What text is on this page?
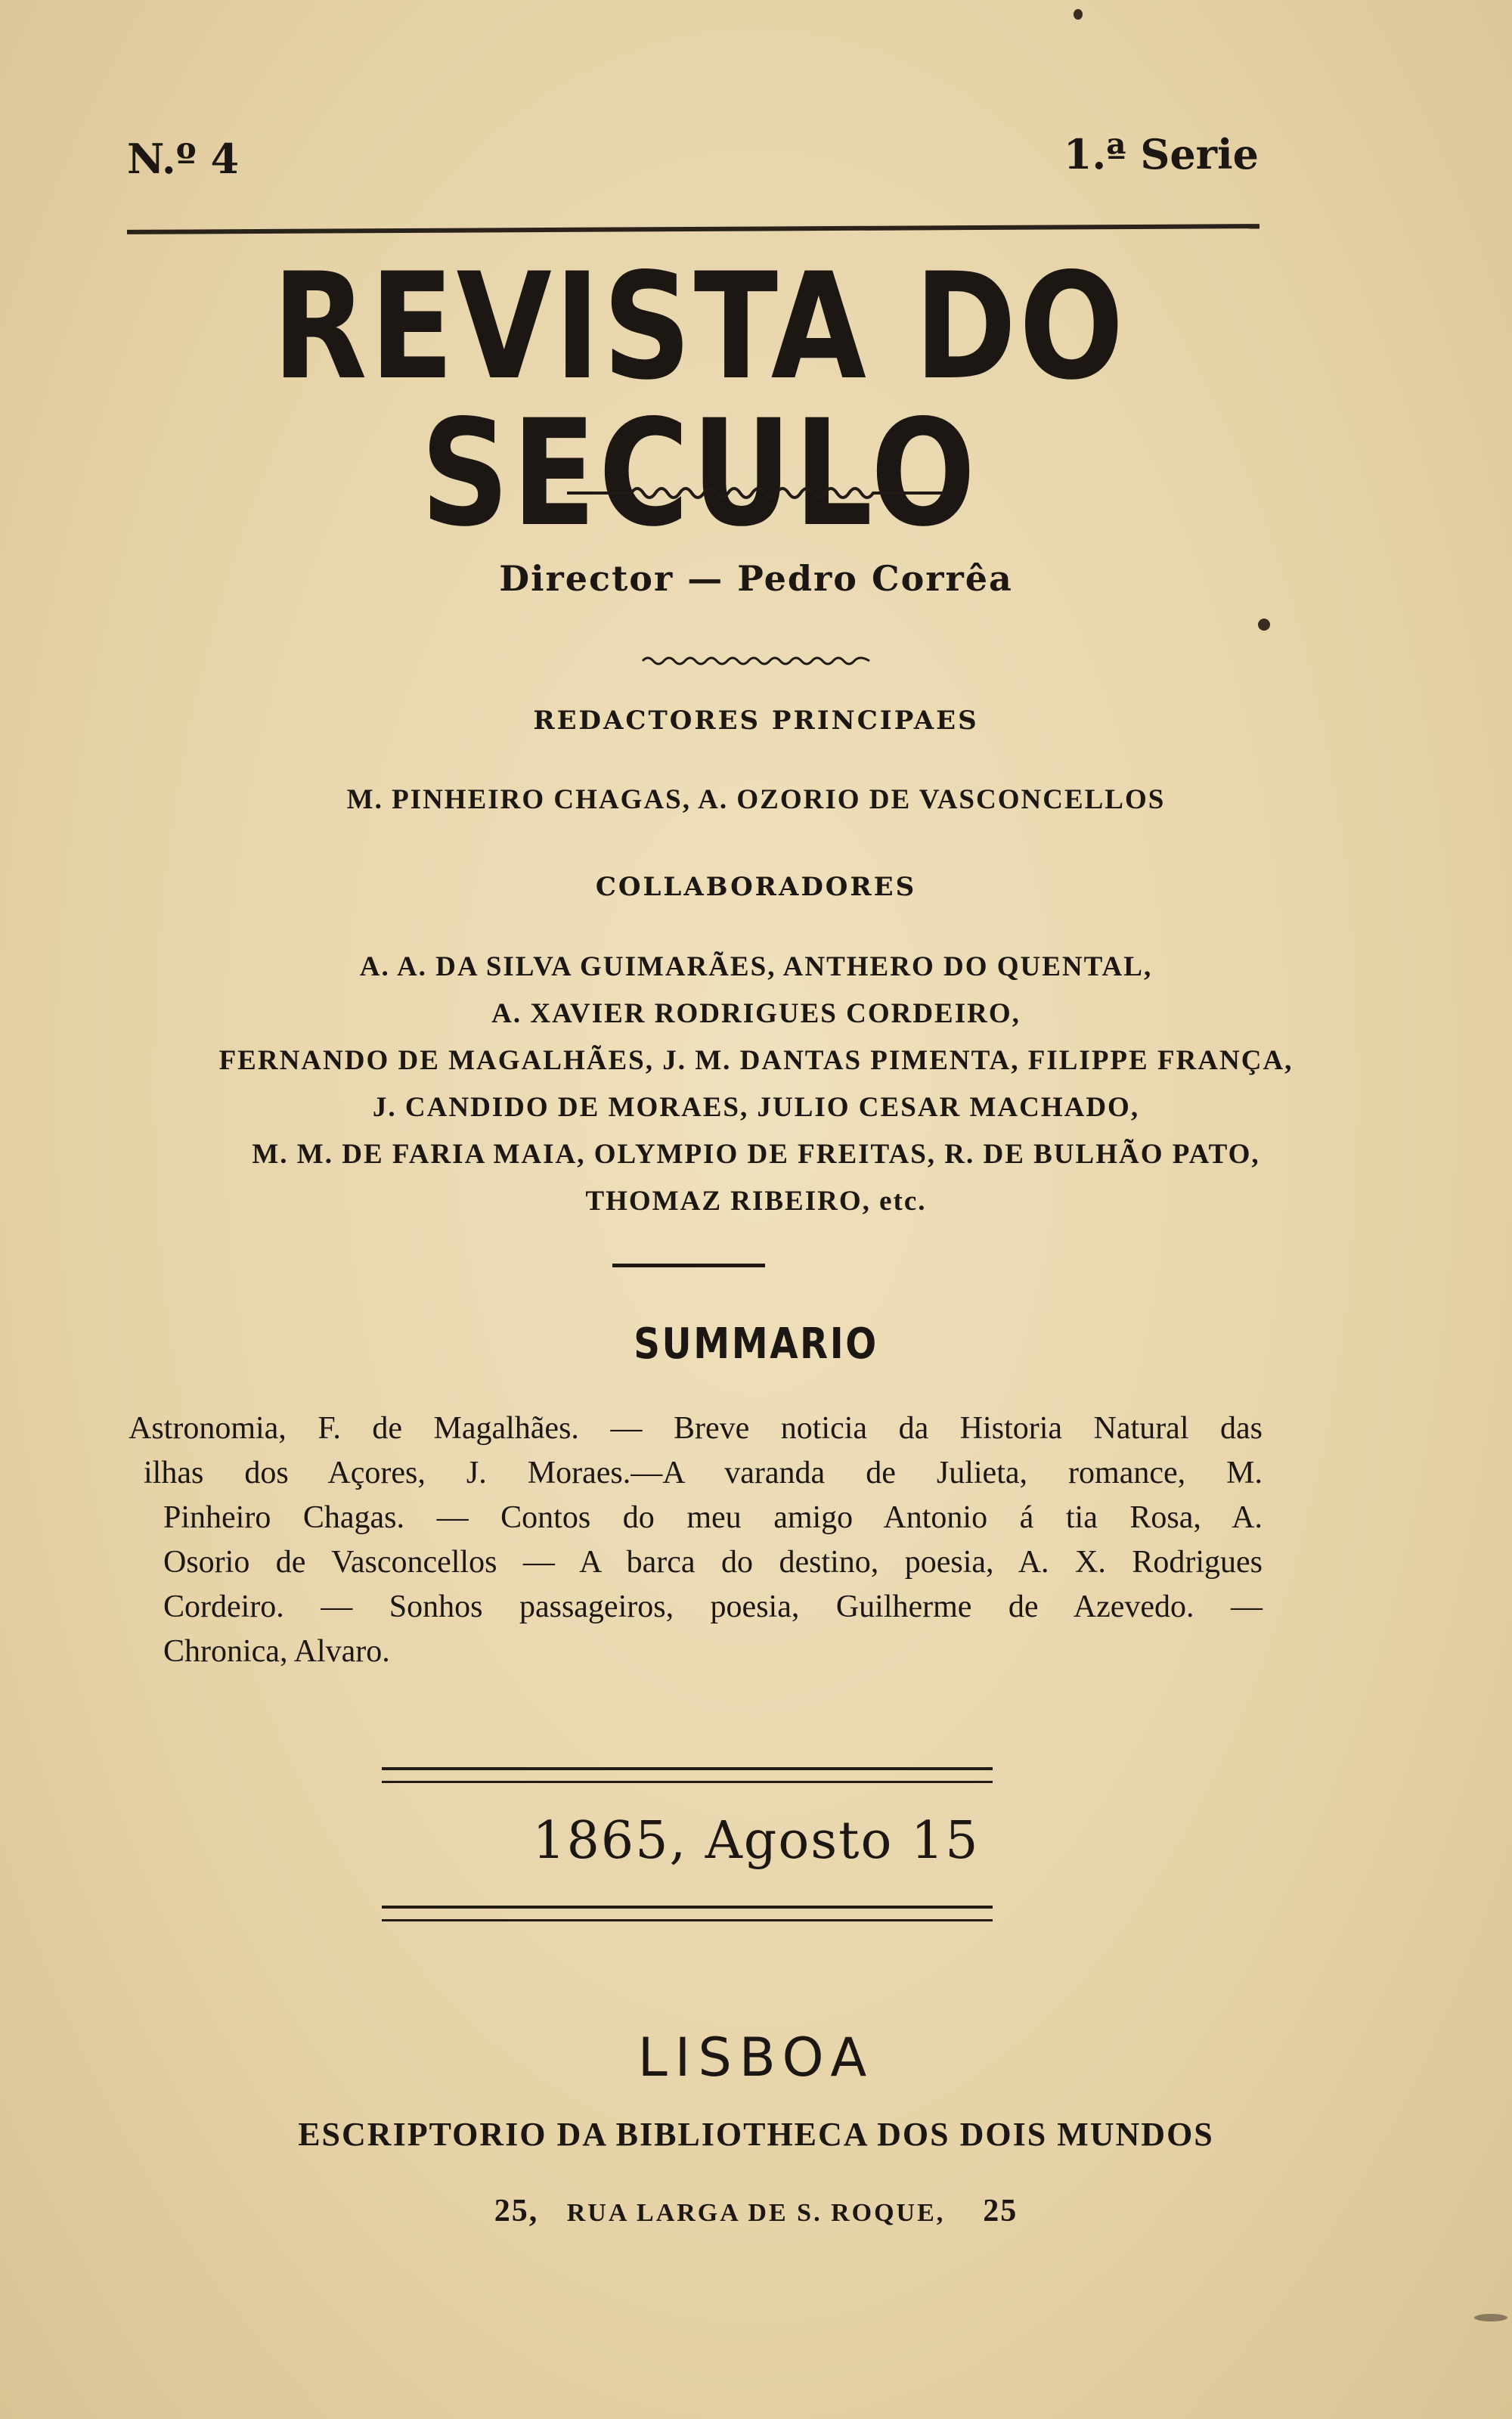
N.º 4	1.ª Serie
REVISTA DO SECULO
Director — Pedro Corrêa
REDACTORES PRINCIPAES
M. PINHEIRO CHAGAS, A. OZORIO DE VASCONCELLOS
COLLABORADORES
A. A. DA SILVA GUIMARÃES, ANTHERO DO QUENTAL,
A. XAVIER RODRIGUES CORDEIRO,
FERNANDO DE MAGALHÃES, J. M. DANTAS PIMENTA, FILIPPE FRANÇA,
J. CANDIDO DE MORAES, JULIO CESAR MACHADO,
M. M. DE FARIA MAIA, OLYMPIO DE FREITAS, R. DE BULHÃO PATO,
THOMAZ RIBEIRO, etc.
SUMMARIO
Astronomia, F. de Magalhães. — Breve noticia da Historia Natural das
ilhas dos Açores, J. Moraes.—A varanda de Julieta, romance, M.
Pinheiro Chagas. — Contos do meu amigo Antonio á tia Rosa, A.
Osorio de Vasconcellos — A barca do destino, poesia, A. X. Rodrigues
Cordeiro. — Sonhos passageiros, poesia, Guilherme de Azevedo. —
Chronica, Alvaro.
1865, Agosto 15
LISBOA
ESCRIPTORIO DA BIBLIOTHECA DOS DOIS MUNDOS
25, RUA LARGA DE S. ROQUE, 25
